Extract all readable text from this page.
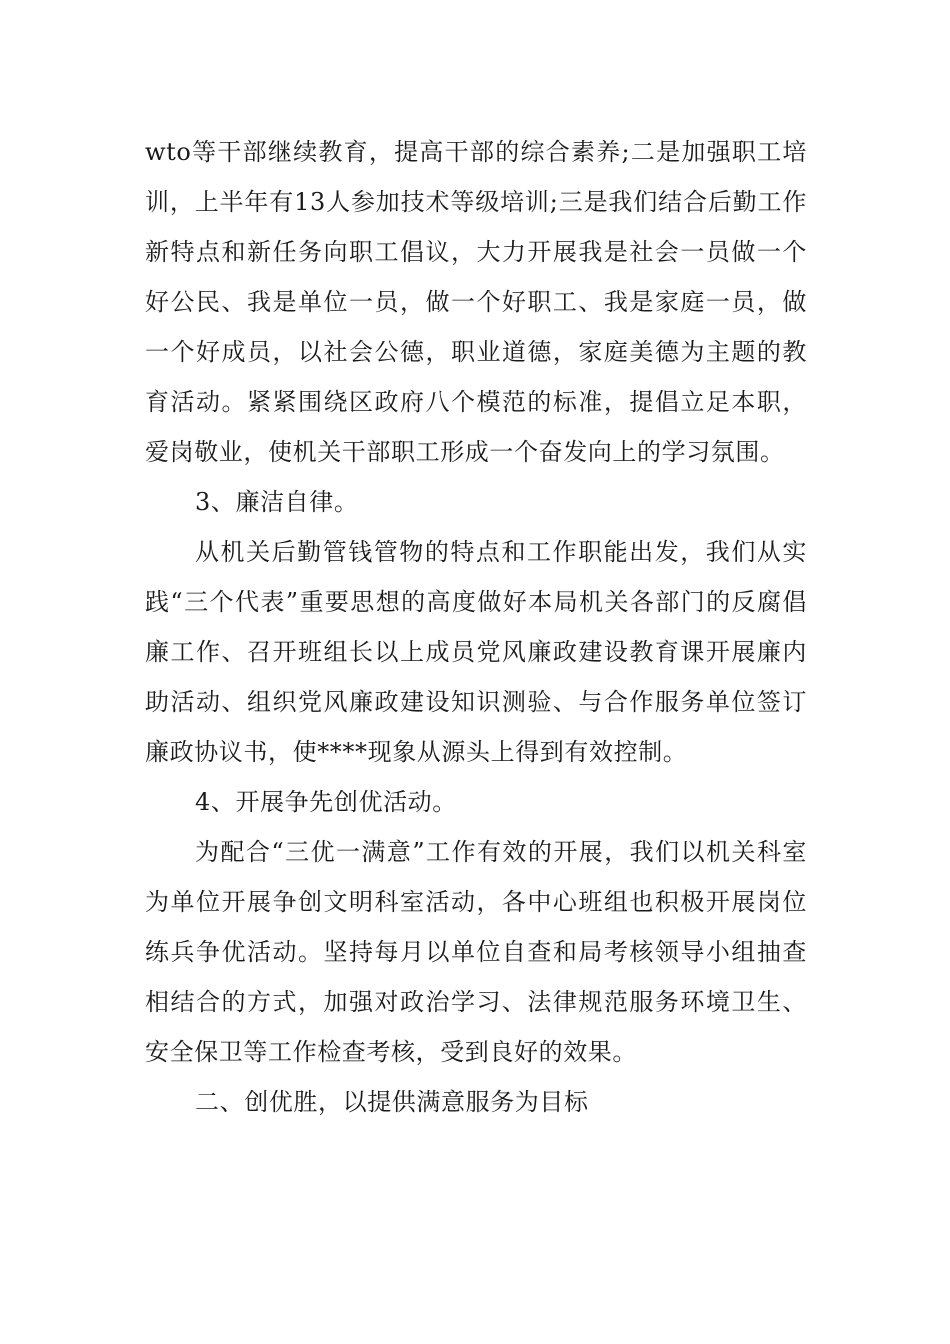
wto等干部继续教育，提高干部的综合素养;二是加强职工培训，上半年有13人参加技术等级培训;三是我们结合后勤工作新特点和新任务向职工倡议，大力开展我是社会一员做一个好公民、我是单位一员，做一个好职工、我是家庭一员，做一个好成员，以社会公德，职业道德，家庭美德为主题的教育活动。紧紧围绕区政府八个模范的标准，提倡立足本职，爱岗敬业，使机关干部职工形成一个奋发向上的学习氛围。

3、廉洁自律。

从机关后勤管钱管物的特点和工作职能出发，我们从实践“三个代表”重要思想的高度做好本局机关各部门的反腐倡廉工作、召开班组长以上成员党风廉政建设教育课开展廉内助活动、组织党风廉政建设知识测验、与合作服务单位签订廉政协议书，使****现象从源头上得到有效控制。

4、开展争先创优活动。

为配合“三优一满意”工作有效的开展，我们以机关科室为单位开展争创文明科室活动，各中心班组也积极开展岗位练兵争优活动。坚持每月以单位自查和局考核领导小组抽查相结合的方式，加强对政治学习、法律规范服务环境卫生、安全保卫等工作检查考核，受到良好的效果。

二、创优胜，以提供满意服务为目标
